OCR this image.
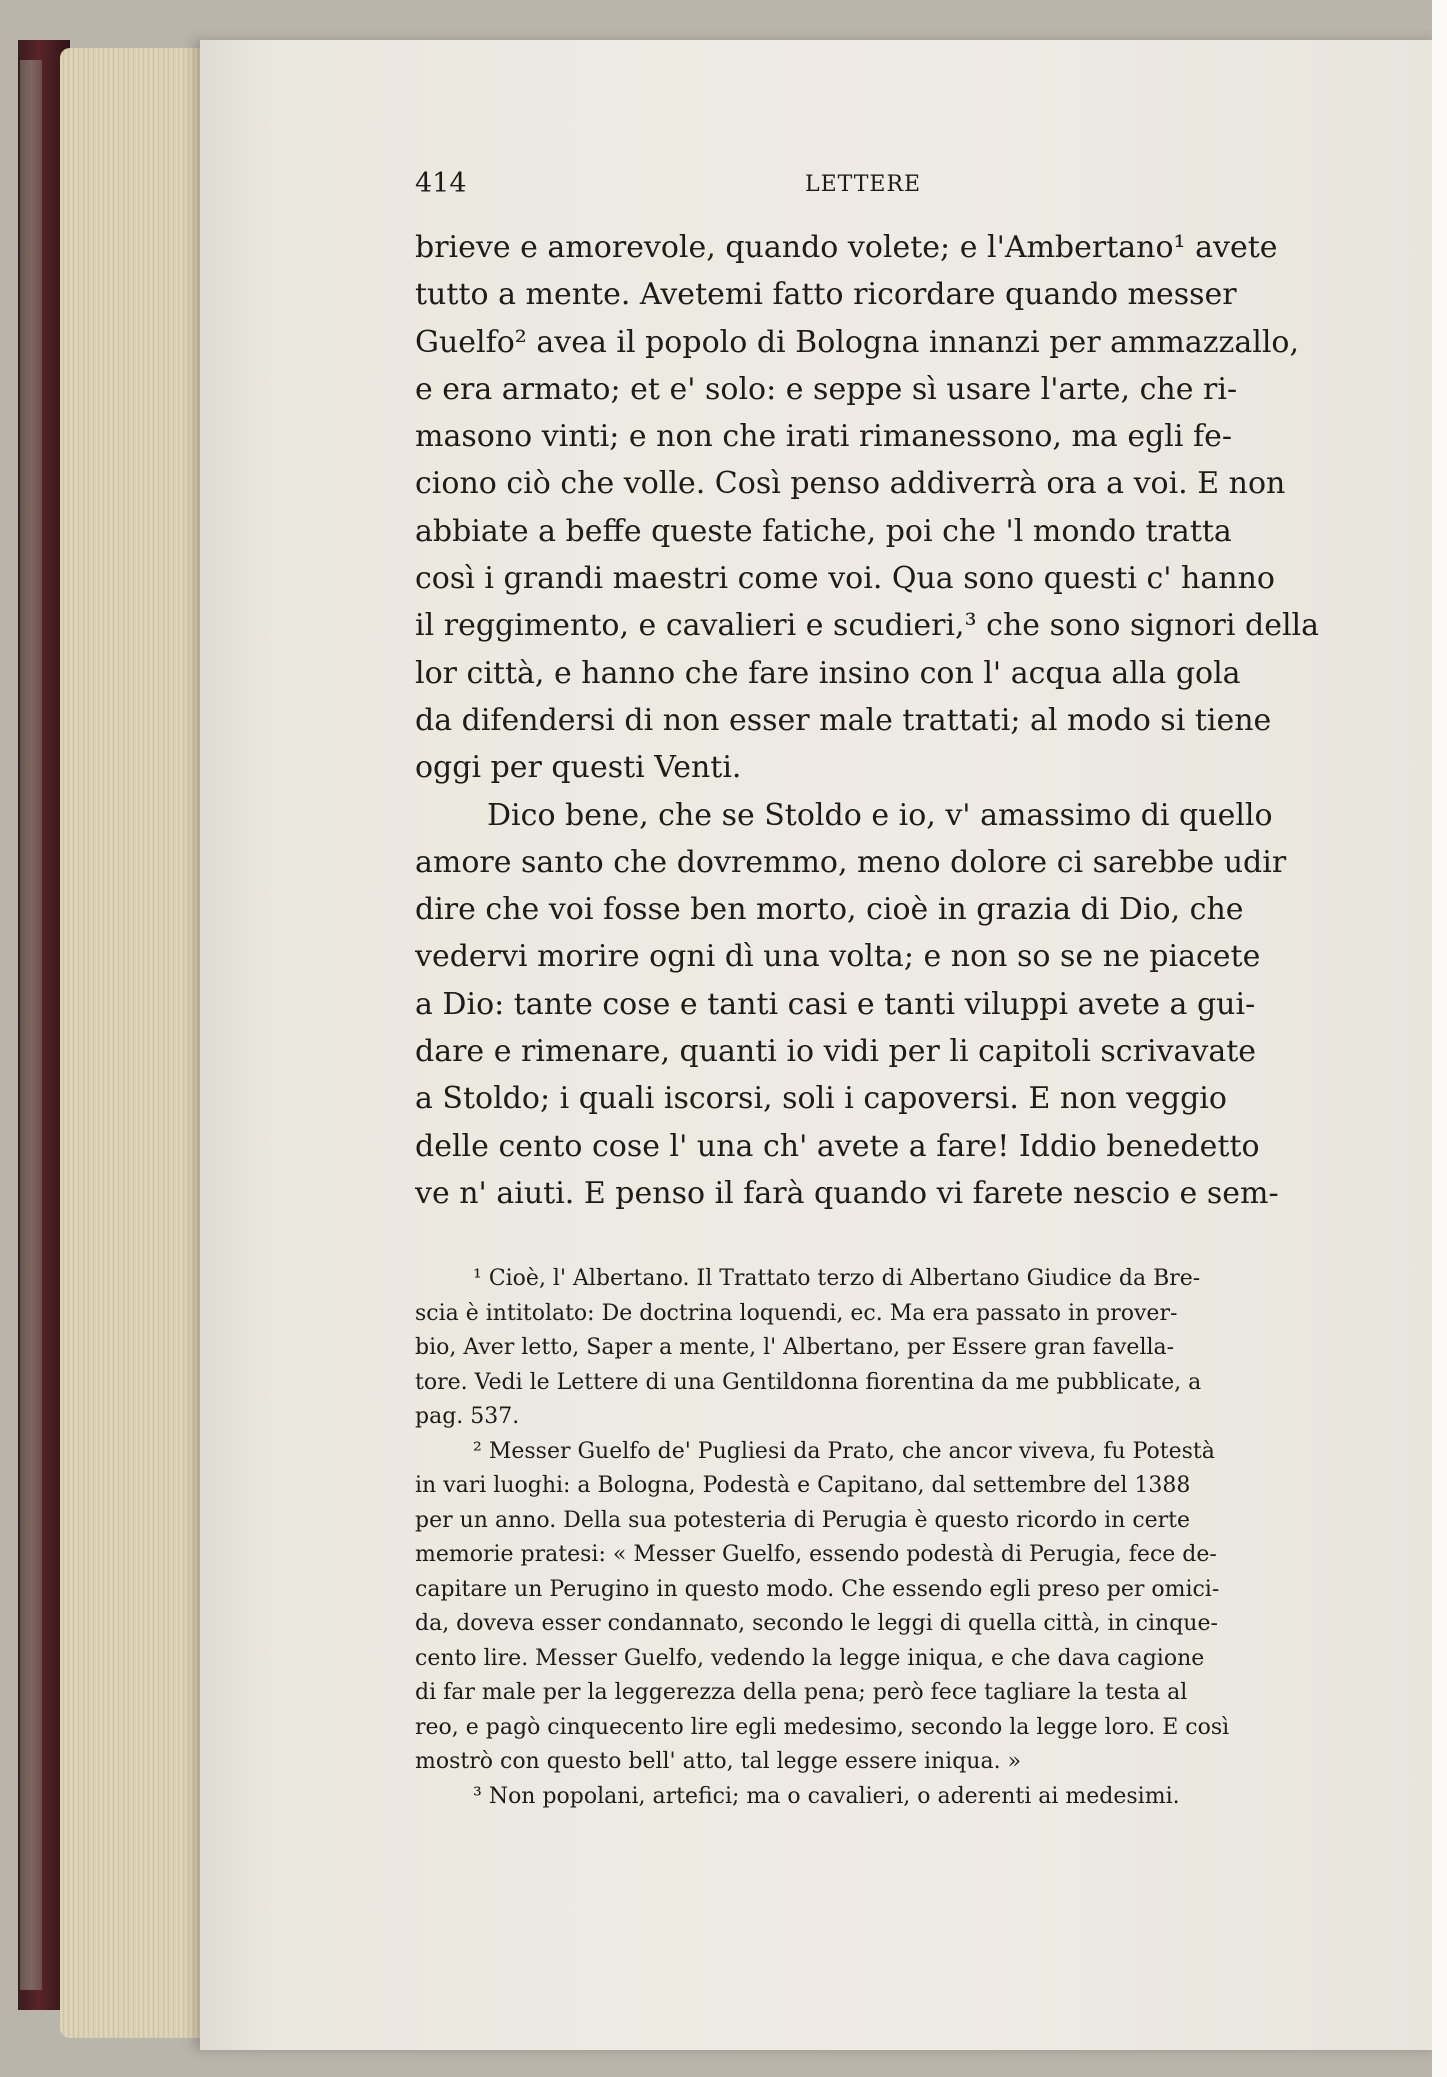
414	LETTERE
brieve e amorevole, quando volete; e l'Ambertano¹ avete
tutto a mente. Avetemi fatto ricordare quando messer
Guelfo² avea il popolo di Bologna innanzi per ammazzallo,
e era armato; et e' solo: e seppe sì usare l'arte, che ri-
masono vinti; e non che irati rimanessono, ma egli fe-
ciono ciò che volle. Così penso addiverrà ora a voi. E non
abbiate a beffe queste fatiche, poi che 'l mondo tratta
così i grandi maestri come voi. Qua sono questi c' hanno
il reggimento, e cavalieri e scudieri,³ che sono signori della
lor città, e hanno che fare insino con l' acqua alla gola
da difendersi di non esser male trattati; al modo si tiene
oggi per questi Venti.
Dico bene, che se Stoldo e io, v' amassimo di quello
amore santo che dovremmo, meno dolore ci sarebbe udir
dire che voi fosse ben morto, cioè in grazia di Dio, che
vedervi morire ogni dì una volta; e non so se ne piacete
a Dio: tante cose e tanti casi e tanti viluppi avete a gui-
dare e rimenare, quanti io vidi per li capitoli scrivavate
a Stoldo; i quali iscorsi, soli i capoversi. E non veggio
delle cento cose l' una ch' avete a fare! Iddio benedetto
ve n' aiuti. E penso il farà quando vi farete nescio e sem-
¹ Cioè, l' Albertano. Il Trattato terzo di Albertano Giudice da Bre-
scia è intitolato: De doctrina loquendi, ec. Ma era passato in prover-
bio, Aver letto, Saper a mente, l' Albertano, per Essere gran favella-
tore. Vedi le Lettere di una Gentildonna fiorentina da me pubblicate, a
pag. 537.
² Messer Guelfo de' Pugliesi da Prato, che ancor viveva, fu Potestà
in vari luoghi: a Bologna, Podestà e Capitano, dal settembre del 1388
per un anno. Della sua potesteria di Perugia è questo ricordo in certe
memorie pratesi: « Messer Guelfo, essendo podestà di Perugia, fece de-
capitare un Perugino in questo modo. Che essendo egli preso per omici-
da, doveva esser condannato, secondo le leggi di quella città, in cinque-
cento lire. Messer Guelfo, vedendo la legge iniqua, e che dava cagione
di far male per la leggerezza della pena; però fece tagliare la testa al
reo, e pagò cinquecento lire egli medesimo, secondo la legge loro. E così
mostrò con questo bell' atto, tal legge essere iniqua. »
³ Non popolani, artefici; ma o cavalieri, o aderenti ai medesimi.
